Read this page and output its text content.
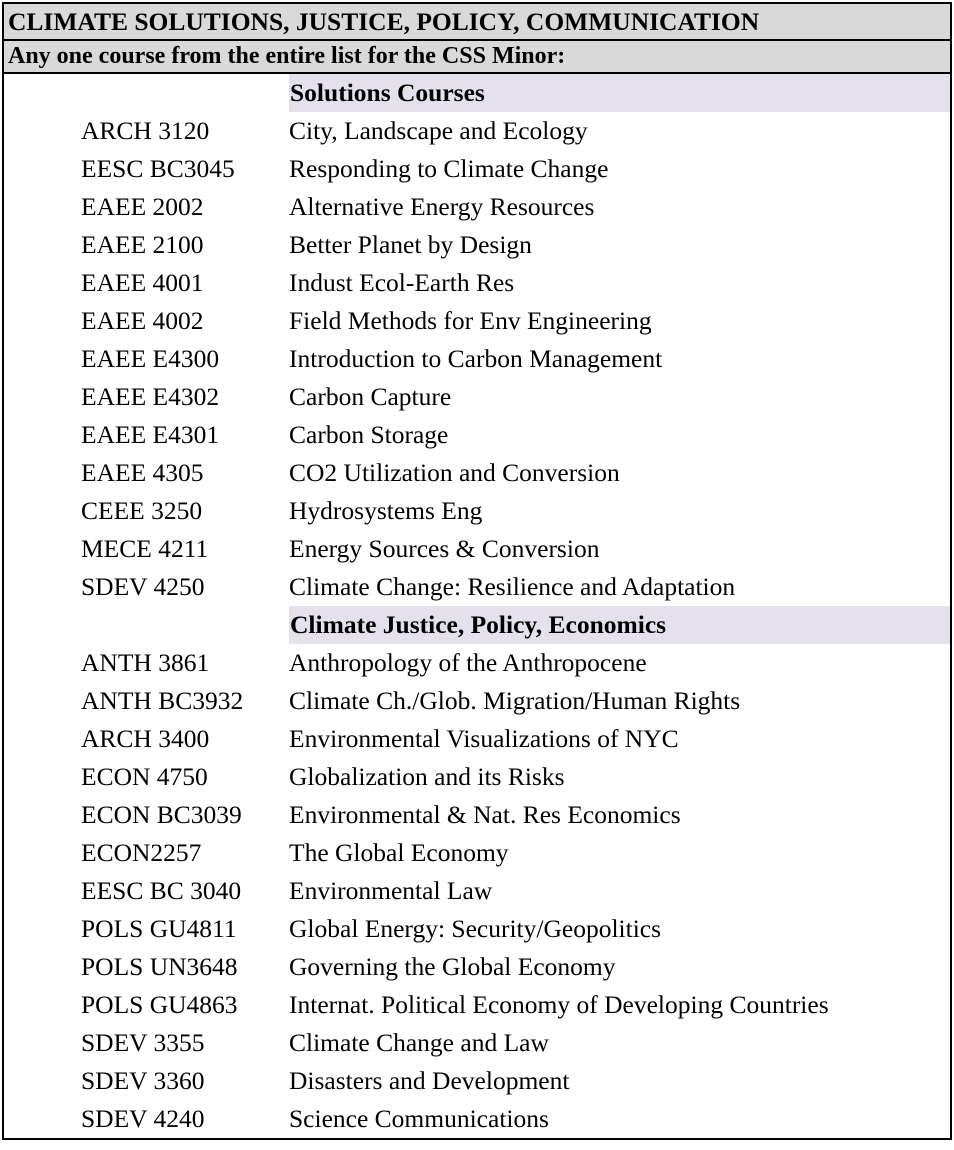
CLIMATE SOLUTIONS, JUSTICE, POLICY, COMMUNICATION
Any one course from the entire list for the CSS Minor:
Solutions Courses
ARCH 3120	City, Landscape and Ecology
EESC BC3045	Responding to Climate Change
EAEE 2002	Alternative Energy Resources
EAEE 2100	Better Planet by Design
EAEE 4001	Indust Ecol-Earth Res
EAEE 4002	Field Methods for Env Engineering
EAEE E4300	Introduction to Carbon Management
EAEE E4302	Carbon Capture
EAEE E4301	Carbon Storage
EAEE 4305	CO2 Utilization and Conversion
CEEE 3250	Hydrosystems Eng
MECE 4211	Energy Sources & Conversion
SDEV 4250	Climate Change: Resilience and Adaptation
Climate Justice, Policy, Economics
ANTH 3861	Anthropology of the Anthropocene
ANTH BC3932	Climate Ch./Glob. Migration/Human Rights
ARCH 3400	Environmental Visualizations of NYC
ECON 4750	Globalization and its Risks
ECON BC3039	Environmental & Nat. Res Economics
ECON2257	The Global Economy
EESC BC 3040	Environmental Law
POLS GU4811	Global Energy: Security/Geopolitics
POLS UN3648	Governing the Global Economy
POLS GU4863	Internat. Political Economy of Developing Countries
SDEV 3355	Climate Change and Law
SDEV 3360	Disasters and Development
SDEV 4240	Science Communications
